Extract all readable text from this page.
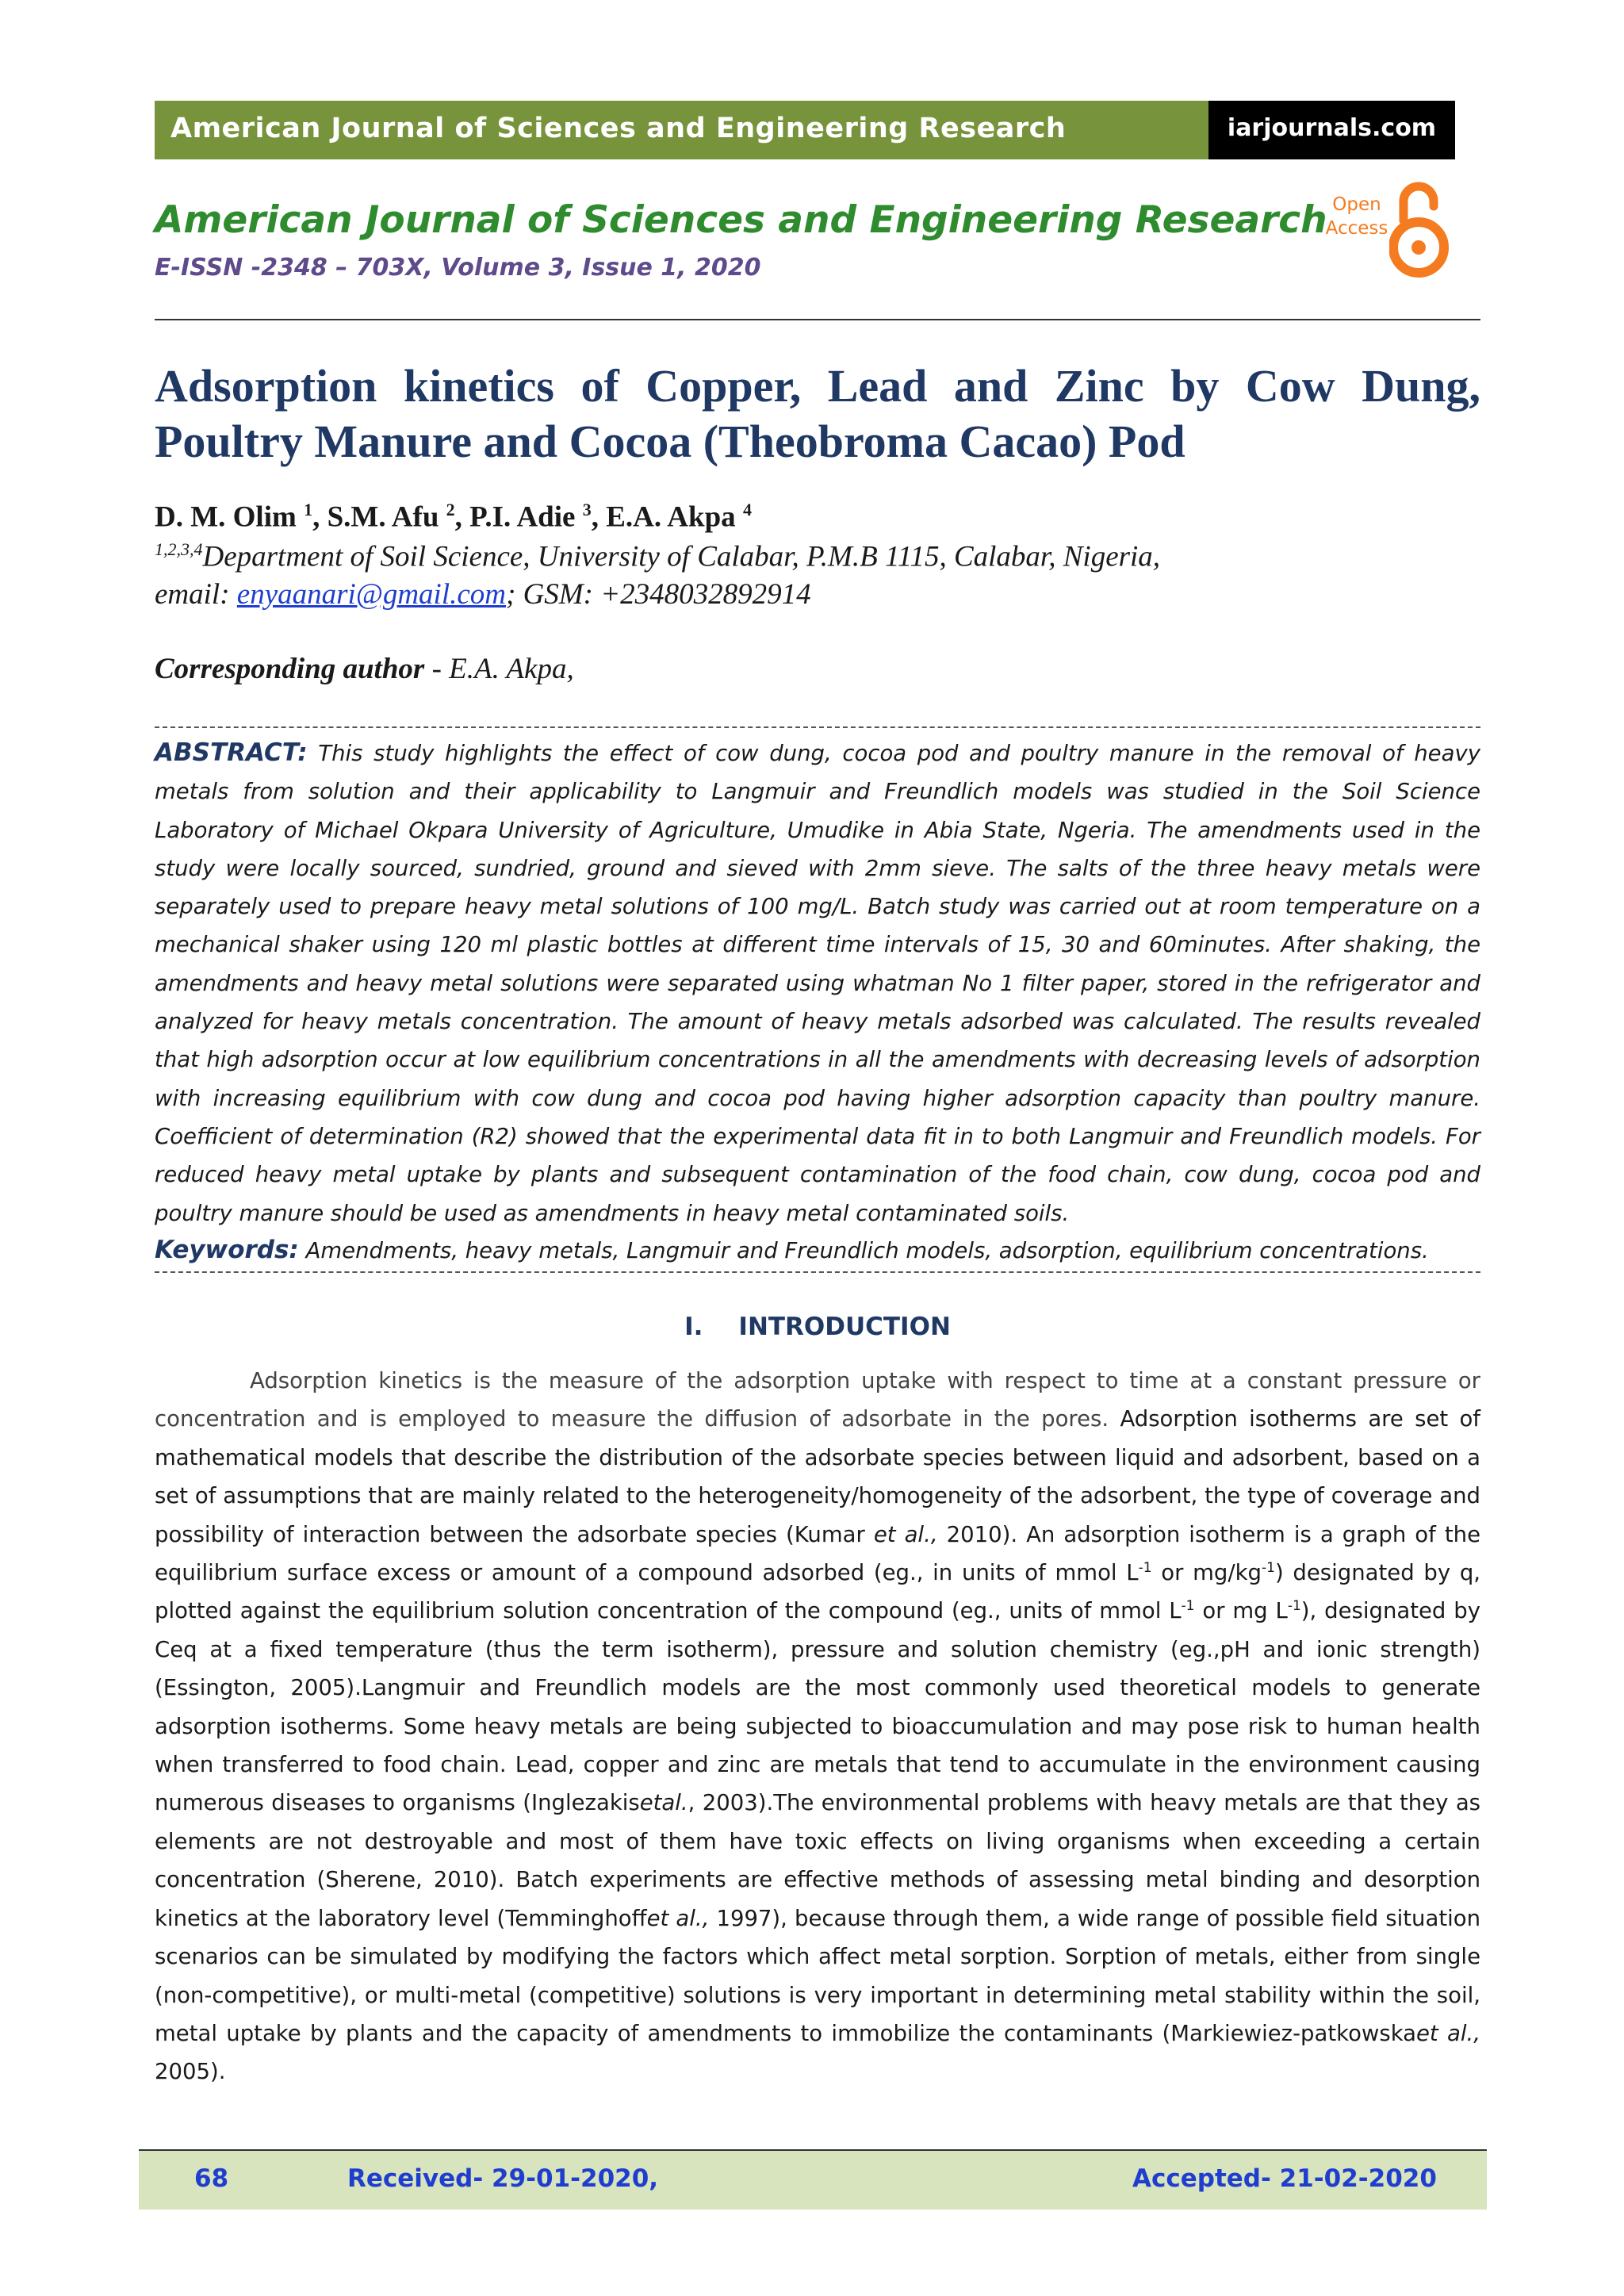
American Journal of Sciences and Engineering Research	iarjournals.com
American Journal of Sciences and Engineering Research
E-ISSN -2348 – 703X, Volume 3, Issue 1, 2020
Open
Access
Adsorption kinetics of Copper, Lead and Zinc by Cow Dung,
Poultry Manure and Cocoa (Theobroma Cacao) Pod
D. M. Olim $^1$, S.M. Afu $^2$, P.I. Adie $^3$, E.A. Akpa $^4$
$^{1,2,3,4}$Department of Soil Science, University of Calabar, P.M.B 1115, Calabar, Nigeria,
email: enyaanari@gmail.com; GSM: +2348032892914
Corresponding author - E.A. Akpa,
ABSTRACT: This study highlights the effect of cow dung, cocoa pod and poultry manure in the removal of heavy metals from solution and their applicability to Langmuir and Freundlich models was studied in the Soil Science Laboratory of Michael Okpara University of Agriculture, Umudike in Abia State, Ngeria. The amendments used in the study were locally sourced, sundried, ground and sieved with 2mm sieve. The salts of the three heavy metals were separately used to prepare heavy metal solutions of 100 mg/L. Batch study was carried out at room temperature on a mechanical shaker using 120 ml plastic bottles at different time intervals of 15, 30 and 60minutes. After shaking, the amendments and heavy metal solutions were separated using whatman No 1 filter paper, stored in the refrigerator and analyzed for heavy metals concentration. The amount of heavy metals adsorbed was calculated. The results revealed that high adsorption occur at low equilibrium concentrations in all the amendments with decreasing levels of adsorption with increasing equilibrium with cow dung and cocoa pod having higher adsorption capacity than poultry manure. Coefficient of determination (R2) showed that the experimental data fit in to both Langmuir and Freundlich models. For reduced heavy metal uptake by plants and subsequent contamination of the food chain, cow dung, cocoa pod and poultry manure should be used as amendments in heavy metal contaminated soils.
Keywords: Amendments, heavy metals, Langmuir and Freundlich models, adsorption, equilibrium concentrations.
I. INTRODUCTION
Adsorption kinetics is the measure of the adsorption uptake with respect to time at a constant pressure or concentration and is employed to measure the diffusion of adsorbate in the pores. Adsorption isotherms are set of mathematical models that describe the distribution of the adsorbate species between liquid and adsorbent, based on a set of assumptions that are mainly related to the heterogeneity/homogeneity of the adsorbent, the type of coverage and possibility of interaction between the adsorbate species (Kumar et al., 2010). An adsorption isotherm is a graph of the equilibrium surface excess or amount of a compound adsorbed (eg., in units of mmol $L^{-1}$ or $mg/kg^{-1}$) designated by q, plotted against the equilibrium solution concentration of the compound (eg., units of mmol $L^{-1}$ or mg $L^{-1}$), designated by Ceq at a fixed temperature (thus the term isotherm), pressure and solution chemistry (eg.,pH and ionic strength) (Essington, 2005).Langmuir and Freundlich models are the most commonly used theoretical models to generate adsorption isotherms. Some heavy metals are being subjected to bioaccumulation and may pose risk to human health when transferred to food chain. Lead, copper and zinc are metals that tend to accumulate in the environment causing numerous diseases to organisms (Inglezakisetal., 2003).The environmental problems with heavy metals are that they as elements are not destroyable and most of them have toxic effects on living organisms when exceeding a certain concentration (Sherene, 2010). Batch experiments are effective methods of assessing metal binding and desorption kinetics at the laboratory level (Temminghoffet al., 1997), because through them, a wide range of possible field situation scenarios can be simulated by modifying the factors which affect metal sorption. Sorption of metals, either from single (non-competitive), or multi-metal (competitive) solutions is very important in determining metal stability within the soil, metal uptake by plants and the capacity of amendments to immobilize the contaminants (Markiewiez-patkowskaet al., 2005).
68	Received- 29-01-2020,	Accepted- 21-02-2020
